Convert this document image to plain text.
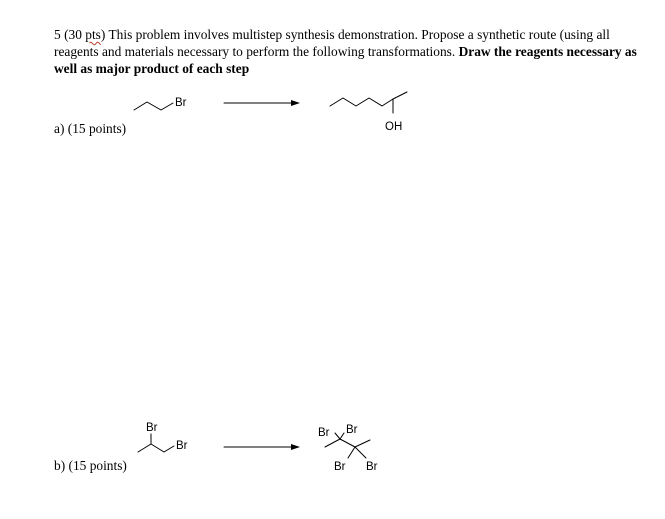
5 (30 pts) This problem involves multistep synthesis demonstration. Propose a synthetic route (using all reagents and materials necessary to perform the following transformations. Draw the reagents necessary as well as major product of each step
a) (15 points)
b) (15 points)
Br
OH
Br
Br
Br Br
Br Br
